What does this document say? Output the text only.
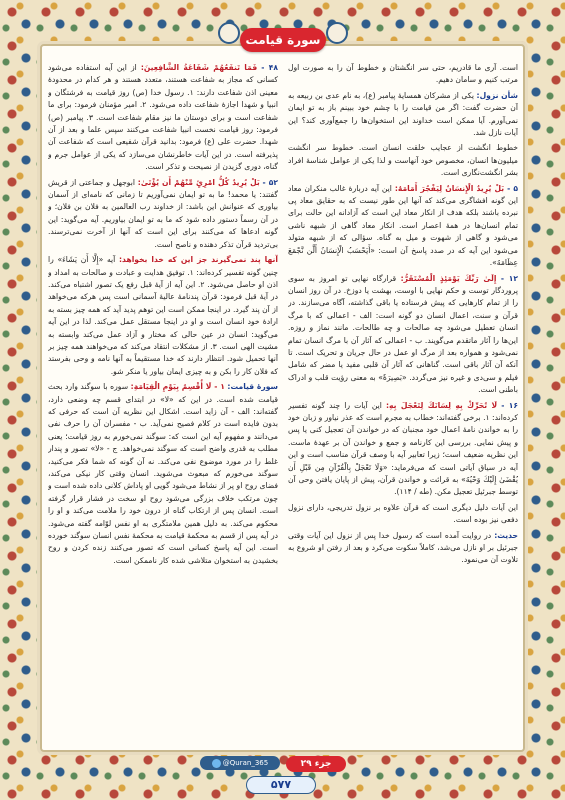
سورة قیامت

۴۸ - فَمَا تَنفَعُهُمْ شَفَاعَةُ الشَّافِعِينَ: از این آیه استفاده می‌شود کسانی که مجاز به شفاعت هستند، متعدد هستند و هر کدام در محدودۀ معینی اذن شفاعت دارند: ۱. رسول خدا (ص) روز قیامت به فرشتگان و انبیا و شهدا اجازۀ شفاعت داده می‌شود. ۲. امیر مؤمنان فرمود: برای ما شفاعت است و برای دوستان ما نیز مقام شفاعت است. ۳. پیامبر (ص) فرمود: روز قیامت نخست انبیا شفاعت می‌کنند سپس علما و بعد از آن شهدا. حضرت علی (ع) فرمود: بدانید قرآن شفیعی است که شفاعت آن پذیرفته است. در این آیات خاطرنشان می‌سازد که یکی از عوامل جرم و گناه، دوری گزیدن از نصیحت و تذکر است.

۵۲ - بَلْ يُرِيدُ كُلُّ امْرِئٍ مِّنْهُمْ أَن يُؤْتَىٰ: ابوجهل و جماعتی از قریش گفتند: یا محمد! ما به تو ایمان نمی‌آوریم تا زمانی که نامه‌ای از آسمان بیاوری که عنوانش این باشد: از خداوند رب العالمین به فلان بن فلان؛ و در آن رسماً دستور داده شود که ما به تو ایمان بیاوریم. آیه می‌گوید: این گونه ادعاها که می‌کنند برای این است که آنها از آخرت نمی‌ترسند. بی‌تردید قرآن تذکر دهنده و ناصح است.

آنها پند نمی‌گیرند جز این که خدا بخواهد: آیه «إِلَّا أَن يَشَاءَ» را چنین گونه تفسیر کرده‌اند: ۱. توفیق هدایت و عبادت و صالحات به امداد و اذن او حاصل می‌شود. ۲. این آیه از آیۀ قبل رفع یک تصور اشتباه می‌کند. در آیۀ قبل فرمود: قرآن پندنامۀ عالیۀ آسمانی است پس هرکه می‌خواهد از آن پند گیرد. در اینجا ممکن است این توهم پدید آید که همه چیز بسته به ارادۀ خود انسان است و او در اینجا مستقل عمل می‌کند. لذا در این آیه می‌گوید: انسان در عین حالی که مختار و آزاد عمل می‌کند وابسته به مشیت الهی است. ۳. از مشکلات انتقاد می‌کند که می‌خواهند همه چیز بر آنها تحمیل شود. انتظار دارند که خدا مستقیماً به آنها نامه و وحی بفرستد که فلان کار را بکن و به چیزی ایمان بیاور یا منکر شو.

سورۀ قیامت: ۱ - لَا أُقْسِمُ بِيَوْمِ الْقِيَامَةِ: سوره با سوگند وارد بحث قیامت شده است. در این که «لا» در ابتدای قسم چه وضعی دارد، گفته‌اند: الف - آن زاید است. اشکال این نظریه آن است که حرفی که بدون فایده است در کلام فصیح نمی‌آید. ب - مفسران آن را حرف نفی می‌دانند و مفهوم آیه این است که: سوگند نمی‌خورم به روز قیامت؛ یعنی مطلب به قدری واضح است که سوگند نمی‌خواهد. ج - «لا» تصور و پندار غلط را در مورد موضوع نفی می‌کند. نه آن گونه که شما فکر می‌کنید، سوگند می‌خورم که مبعوث می‌شوید. انسان وقتی کار نیکی می‌کند، فضای روح او پر از نشاط می‌شود گویی او پاداش کلانی داده شده است و چون مرتکب خلاف بزرگی می‌شود روح او سخت در فشار قرار گرفته است. انسان پس از ارتکاب گناه از درون خود را ملامت می‌کند و او را محکوم می‌کند. به دلیل همین ملامتگری به او نفس لوّامه گفته می‌شود. در آیه پس از قسم به محکمۀ قیامت به محکمۀ نفس انسان سوگند خورده است. این آیه پاسخ کسانی است که تصور می‌کنند زنده کردن و روح بخشیدن به استخوان متلاشی شده کار ناممکن است.

است. آری ما قادریم، حتی سر انگشتان و خطوط آن را به صورت اول مرتب کنیم و سامان دهیم.

شأن نزول: یکی از مشرکان همسایۀ پیامبر (ع)، به نام عدی بن ربیعه به آن حضرت گفت: اگر من قیامت را با چشم خود ببینم باز به تو ایمان نمی‌آورم. آیا ممکن است خداوند این استخوان‌ها را جمع‌آوری کند؟ این آیات نازل شد.

خطوط انگشت از عجایب خلقت انسان است. خطوط سر انگشت میلیون‌ها انسان، مخصوص خود آنهاست و لذا یکی از عوامل شناسۀ افراد بشر انگشت‌نگاری است.

۵ - بَلْ يُرِيدُ الْإِنسَانُ لِيَفْجُرَ أَمَامَهُ: این آیه دربارۀ غالب منکران معاد این گونه افشاگری می‌کند که آنها این طور نیست که به حقایق معاد پی نبرده باشند بلکه هدف از انکار معاد این است که آزادانه این حالت برای تمام انسان‌ها در همۀ اعصار است. انکار معاد گاهی از شبهه ناشی می‌شود و گاهی از شهوت و میل به گناه. سؤالی که از شبهه متولد می‌شود این آیه که در صدد پاسخ آن است: «أَيَحْسَبُ الْإِنسَانُ أَلَّن نَّجْمَعَ عِظَامَهُ».

۱۲ - إِلَىٰ رَبِّكَ يَوْمَئِذٍ الْمُسْتَقَرُّ: قرارگاه نهایی تو امروز به سوی پروردگار توست و حکم نهایی با اوست، بهشت یا دوزخ. در آن روز انسان را از تمام کارهایی که پیش فرستاده یا باقی گذاشته، آگاه می‌سازند. در قرآن و سنت، اعمال انسان دو گونه است: الف - اعمالی که با مرگ انسان تعطیل می‌شود چه صالحات و چه طالحات. مانند نماز و روزه. این‌ها را آثار ماتقدم می‌گویند. ب - اعمالی که آثار آن با مرگ انسان تمام نمی‌شود و همواره بعد از مرگ او عمل در حال جریان و تحریک است. تا آنکه آن آثار باقی است. گناهانی که آثار آن قلبی مفید یا مضر که شامل فیلم و سی‌دی و غیره نیز می‌گردد. «بَصِيرَةٌ» به معنی رؤیت قلب و ادراک باطنی است.

۱۶ - لَا تُحَرِّكْ بِهِ لِسَانَكَ لِتَعْجَلَ بِهِ: این آیات را چند گونه تفسیر کرده‌اند: ۱. برخی گفته‌اند: خطاب به مجرم است که عذر نیاور و زبان خود را به خواندن نامۀ اعمال خود مجنبان که در خواندن آن تعجیل کنی یا پس و پیش نمایی. بررسی این کارنامه و جمع و خواندن آن بر عهدۀ ماست. این نظریه ضعیف است؛ زیرا تعابیر آیه با وصف قرآن مناسب است و این آیه در سیاق آیاتی است که می‌فرماید: «وَلَا تَعْجَلْ بِالْقُرْآنِ مِن قَبْلِ أَن يُقْضَىٰ إِلَيْكَ وَحْيُهُ» به قرائت و خواندن قرآن، پیش از پایان یافتن وحی آن توسط جبرئیل تعجیل مکن. (طه / ۱۱۴).

این آیات دلیل دیگری است که قرآن علاوه بر نزول تدریجی، دارای نزول دفعی نیز بوده است.

حدیث: در روایت آمده است که رسول خدا پس از نزول این آیات وقتی جبرئیل بر او نازل می‌شد، کاملاً سکوت می‌کرد و بعد از رفتن او شروع به تلاوت آن می‌نمود.

@Quran_365	جزء ۲۹
۵۷۷
